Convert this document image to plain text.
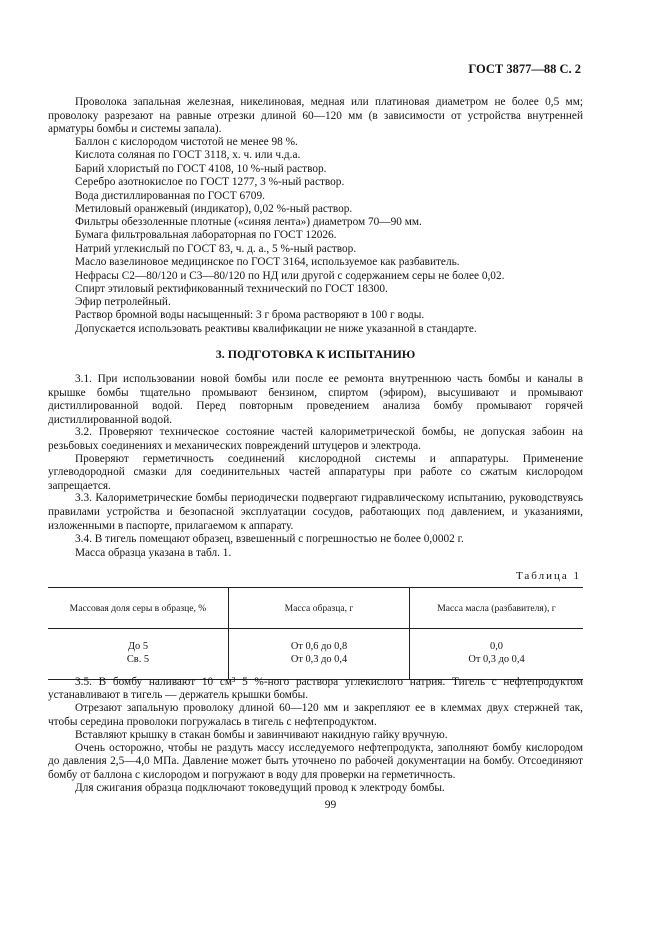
ГОСТ 3877—88 С. 2

Проволока запальная железная, никелиновая, медная или платиновая диаметром не более 0,5 мм; проволоку разрезают на равные отрезки длиной 60—120 мм (в зависимости от устройства внутренней арматуры бомбы и системы запала).

Баллон с кислородом чистотой не менее 98 %.

Кислота соляная по ГОСТ 3118, х. ч. или ч.д.а.

Барий хлористый по ГОСТ 4108, 10 %-ный раствор.

Серебро азотнокислое по ГОСТ 1277, 3 %-ный раствор.

Вода дистиллированная по ГОСТ 6709.

Метиловый оранжевый (индикатор), 0,02 %-ный раствор.

Фильтры обеззоленные плотные («синяя лента») диаметром 70—90 мм.

Бумага фильтровальная лабораторная по ГОСТ 12026.

Натрий углекислый по ГОСТ 83, ч. д. а., 5 %-ный раствор.

Масло вазелиновое медицинское по ГОСТ 3164, используемое как разбавитель.

Нефрасы С2—80/120 и С3—80/120 по НД или другой с содержанием серы не более 0,02.

Спирт этиловый ректификованный технический по ГОСТ 18300.

Эфир петролейный.

Раствор бромной воды насыщенный: 3 г брома растворяют в 100 г воды.

Допускается использовать реактивы квалификации не ниже указанной в стандарте.

3. ПОДГОТОВКА К ИСПЫТАНИЮ

3.1. При использовании новой бомбы или после ее ремонта внутреннюю часть бомбы и каналы в крышке бомбы тщательно промывают бензином, спиртом (эфиром), высушивают и промывают дистиллированной водой. Перед повторным проведением анализа бомбу промывают горячей дистиллированной водой.

3.2. Проверяют техническое состояние частей калориметрической бомбы, не допуская забоин на резьбовых соединениях и механических повреждений штуцеров и электрода.

Проверяют герметичность соединений кислородной системы и аппаратуры. Применение углеводородной смазки для соединительных частей аппаратуры при работе со сжатым кислородом запрещается.

3.3. Калориметрические бомбы периодически подвергают гидравлическому испытанию, руководствуясь правилами устройства и безопасной эксплуатации сосудов, работающих под давлением, и указаниями, изложенными в паспорте, прилагаемом к аппарату.

3.4. В тигель помещают образец, взвешенный с погрешностью не более 0,0002 г.

Масса образца указана в табл. 1.

Таблица 1
Массовая доля серы в образце, %	Масса образца, г	Масса масла (разбавителя), г
До 5	От 0,6 до 0,8	0,0
Св. 5	От 0,3 до 0,4	От 0,3 до 0,4

3.5. В бомбу наливают 10 см³ 5 %-ного раствора углекислого натрия. Тигель с нефтепродуктом устанавливают в тигель — держатель крышки бомбы.

Отрезают запальную проволоку длиной 60—120 мм и закрепляют ее в клеммах двух стержней так, чтобы середина проволоки погружалась в тигель с нефтепродуктом.

Вставляют крышку в стакан бомбы и завинчивают накидную гайку вручную.

Очень осторожно, чтобы не раздуть массу исследуемого нефтепродукта, заполняют бомбу кислородом до давления 2,5—4,0 МПа. Давление может быть уточнено по рабочей документации на бомбу. Отсоединяют бомбу от баллона с кислородом и погружают в воду для проверки на герметичность.

Для сжигания образца подключают токоведущий провод к электроду бомбы.

99
